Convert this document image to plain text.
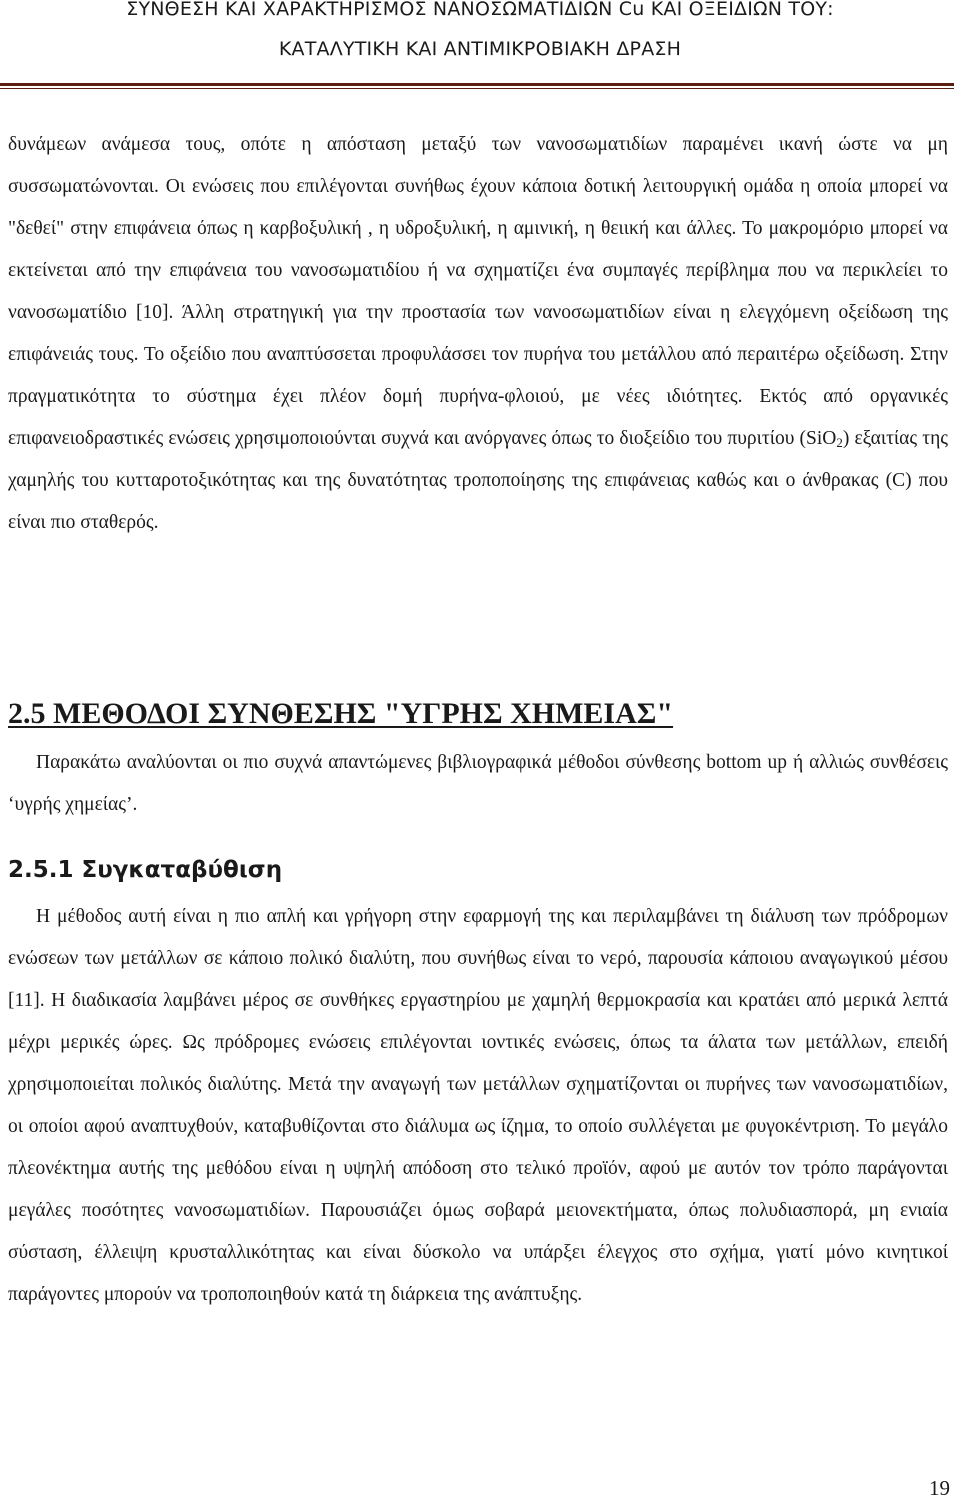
ΣΥΝΘΕΣΗ ΚΑΙ ΧΑΡΑΚΤΗΡΙΣΜΟΣ ΝΑΝΟΣΩΜΑΤΙΔΙΩΝ Cu ΚΑΙ ΟΞΕΙΔΙΩΝ ΤΟΥ:
ΚΑΤΑΛΥΤΙΚΗ ΚΑΙ ΑΝΤΙΜΙΚΡΟΒΙΑΚΗ ΔΡΑΣΗ

δυνάμεων ανάμεσα τους, οπότε η απόσταση μεταξύ των νανοσωματιδίων παραμένει ικανή ώστε να μη συσσωματώνονται. Οι ενώσεις που επιλέγονται συνήθως έχουν κάποια δοτική λειτουργική ομάδα η οποία μπορεί να "δεθεί" στην επιφάνεια όπως η καρβοξυλική , η υδροξυλική, η αμινική, η θειική και άλλες. Το μακρομόριο μπορεί να εκτείνεται από την επιφάνεια του νανοσωματιδίου ή να σχηματίζει ένα συμπαγές περίβλημα που να περικλείει το νανοσωματίδιο [10]. Άλλη στρατηγική για την προστασία των νανοσωματιδίων είναι η ελεγχόμενη οξείδωση της επιφάνειάς τους. Το οξείδιο που αναπτύσσεται προφυλάσσει τον πυρήνα του μετάλλου από περαιτέρω οξείδωση. Στην πραγματικότητα το σύστημα έχει πλέον δομή πυρήνα-φλοιού, με νέες ιδιότητες. Εκτός από οργανικές επιφανειοδραστικές ενώσεις χρησιμοποιούνται συχνά και ανόργανες όπως το διοξείδιο του πυριτίου (SiO$_2$) εξαιτίας της χαμηλής του κυτταροτοξικότητας και της δυνατότητας τροποποίησης της επιφάνειας καθώς και ο άνθρακας (C) που είναι πιο σταθερός.

2.5 ΜΕΘΟΔΟΙ ΣΥΝΘΕΣΗΣ "ΥΓΡΗΣ ΧΗΜΕΙΑΣ"

Παρακάτω αναλύονται οι πιο συχνά απαντώμενες βιβλιογραφικά μέθοδοι σύνθεσης bottom up ή αλλιώς συνθέσεις ‘υγρής χημείας’.

2.5.1 Συγκαταβύθιση

Η μέθοδος αυτή είναι η πιο απλή και γρήγορη στην εφαρμογή της και περιλαμβάνει τη διάλυση των πρόδρομων ενώσεων των μετάλλων σε κάποιο πολικό διαλύτη, που συνήθως είναι το νερό, παρουσία κάποιου αναγωγικού μέσου [11]. Η διαδικασία λαμβάνει μέρος σε συνθήκες εργαστηρίου με χαμηλή θερμοκρασία και κρατάει από μερικά λεπτά μέχρι μερικές ώρες. Ως πρόδρομες ενώσεις επιλέγονται ιοντικές ενώσεις, όπως τα άλατα των μετάλλων, επειδή χρησιμοποιείται πολικός διαλύτης. Μετά την αναγωγή των μετάλλων σχηματίζονται οι πυρήνες των νανοσωματιδίων, οι οποίοι αφού αναπτυχθούν, καταβυθίζονται στο διάλυμα ως ίζημα, το οποίο συλλέγεται με φυγοκέντριση. Το μεγάλο πλεονέκτημα αυτής της μεθόδου είναι η υψηλή απόδοση στο τελικό προϊόν, αφού με αυτόν τον τρόπο παράγονται μεγάλες ποσότητες νανοσωματιδίων. Παρουσιάζει όμως σοβαρά μειονεκτήματα, όπως πολυδιασπορά, μη ενιαία σύσταση, έλλειψη κρυσταλλικότητας και είναι δύσκολο να υπάρξει έλεγχος στο σχήμα, γιατί μόνο κινητικοί παράγοντες μπορούν να τροποποιηθούν κατά τη διάρκεια της ανάπτυξης.

19
